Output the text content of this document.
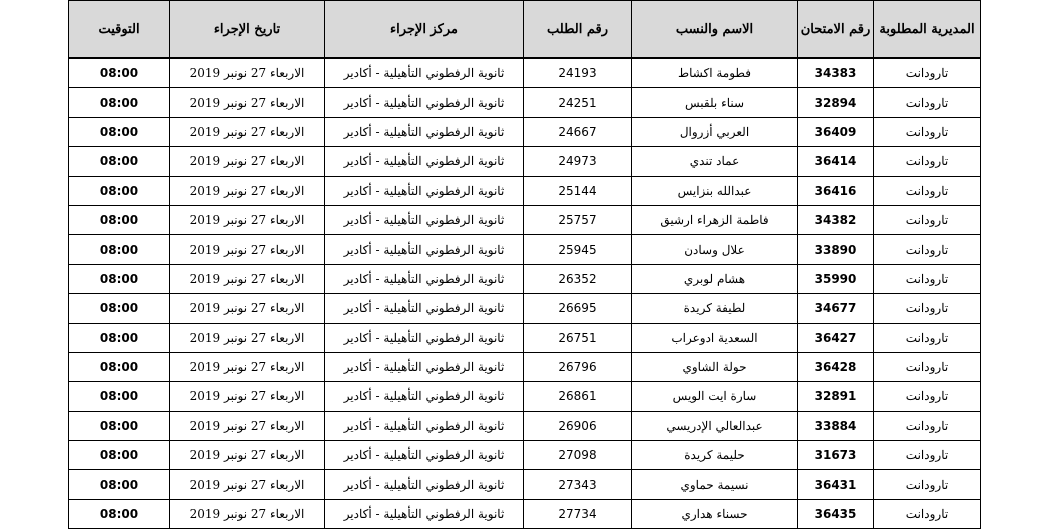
المديرية المطلوبة	رقم الامتحان	الاسم والنسب	رقم الطلب	مركز الإجراء	تاريخ الإجراء	التوقيت
تارودانت	34383	فطومة اكشاط	24193	ثانوية الرفطوني التأهيلية - أكادير	الاربعاء 27 نونبر 2019	08:00
تارودانت	32894	سناء بلقبس	24251	ثانوية الرفطوني التأهيلية - أكادير	الاربعاء 27 نونبر 2019	08:00
تارودانت	36409	العربي أزروال	24667	ثانوية الرفطوني التأهيلية - أكادير	الاربعاء 27 نونبر 2019	08:00
تارودانت	36414	عماد تندي	24973	ثانوية الرفطوني التأهيلية - أكادير	الاربعاء 27 نونبر 2019	08:00
تارودانت	36416	عبدالله بنزايس	25144	ثانوية الرفطوني التأهيلية - أكادير	الاربعاء 27 نونبر 2019	08:00
تارودانت	34382	فاطمة الزهراء ارشيق	25757	ثانوية الرفطوني التأهيلية - أكادير	الاربعاء 27 نونبر 2019	08:00
تارودانت	33890	علال وسادن	25945	ثانوية الرفطوني التأهيلية - أكادير	الاربعاء 27 نونبر 2019	08:00
تارودانت	35990	هشام لوبري	26352	ثانوية الرفطوني التأهيلية - أكادير	الاربعاء 27 نونبر 2019	08:00
تارودانت	34677	لطيفة كريدة	26695	ثانوية الرفطوني التأهيلية - أكادير	الاربعاء 27 نونبر 2019	08:00
تارودانت	36427	السعدية ادوعراب	26751	ثانوية الرفطوني التأهيلية - أكادير	الاربعاء 27 نونبر 2019	08:00
تارودانت	36428	حولة الشاوي	26796	ثانوية الرفطوني التأهيلية - أكادير	الاربعاء 27 نونبر 2019	08:00
تارودانت	32891	سارة ايت الويس	26861	ثانوية الرفطوني التأهيلية - أكادير	الاربعاء 27 نونبر 2019	08:00
تارودانت	33884	عبدالعالي الإدريسي	26906	ثانوية الرفطوني التأهيلية - أكادير	الاربعاء 27 نونبر 2019	08:00
تارودانت	31673	حليمة كريدة	27098	ثانوية الرفطوني التأهيلية - أكادير	الاربعاء 27 نونبر 2019	08:00
تارودانت	36431	نسيمة حماوي	27343	ثانوية الرفطوني التأهيلية - أكادير	الاربعاء 27 نونبر 2019	08:00
تارودانت	36435	حسناء هداري	27734	ثانوية الرفطوني التأهيلية - أكادير	الاربعاء 27 نونبر 2019	08:00
